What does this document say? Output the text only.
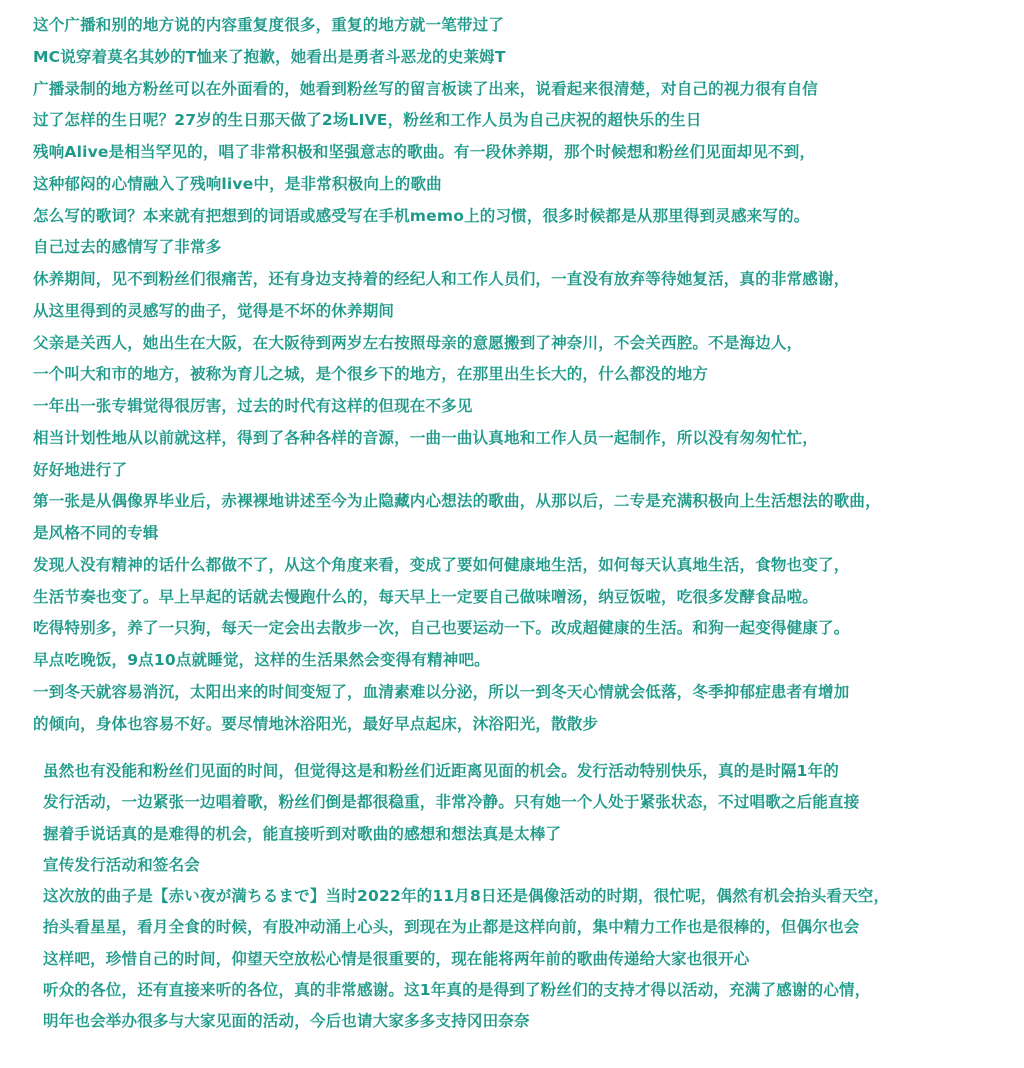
这个广播和别的地方说的内容重复度很多，重复的地方就一笔带过了
MC说穿着莫名其妙的T恤来了抱歉，她看出是勇者斗恶龙的史莱姆T
广播录制的地方粉丝可以在外面看的，她看到粉丝写的留言板读了出来，说看起来很清楚，对自己的视力很有自信
过了怎样的生日呢？27岁的生日那天做了2场LIVE，粉丝和工作人员为自己庆祝的超快乐的生日
残响Alive是相当罕见的，唱了非常积极和坚强意志的歌曲。有一段休养期，那个时候想和粉丝们见面却见不到，
这种郁闷的心情融入了残响live中，是非常积极向上的歌曲
怎么写的歌词？本来就有把想到的词语或感受写在手机memo上的习惯，很多时候都是从那里得到灵感来写的。
自己过去的感情写了非常多
休养期间，见不到粉丝们很痛苦，还有身边支持着的经纪人和工作人员们，一直没有放弃等待她复活，真的非常感谢，
从这里得到的灵感写的曲子，觉得是不坏的休养期间
父亲是关西人，她出生在大阪，在大阪待到两岁左右按照母亲的意愿搬到了神奈川，不会关西腔。不是海边人，
一个叫大和市的地方，被称为育儿之城，是个很乡下的地方，在那里出生长大的，什么都没的地方
一年出一张专辑觉得很厉害，过去的时代有这样的但现在不多见
相当计划性地从以前就这样，得到了各种各样的音源，一曲一曲认真地和工作人员一起制作，所以没有匆匆忙忙，
好好地进行了
第一张是从偶像界毕业后，赤裸裸地讲述至今为止隐藏内心想法的歌曲，从那以后，二专是充满积极向上生活想法的歌曲，
是风格不同的专辑
发现人没有精神的话什么都做不了，从这个角度来看，变成了要如何健康地生活，如何每天认真地生活，食物也变了，
生活节奏也变了。早上早起的话就去慢跑什么的，每天早上一定要自己做味噌汤，纳豆饭啦，吃很多发酵食品啦。
吃得特别多，养了一只狗，每天一定会出去散步一次，自己也要运动一下。改成超健康的生活。和狗一起变得健康了。
早点吃晚饭，9点10点就睡觉，这样的生活果然会变得有精神吧。
一到冬天就容易消沉，太阳出来的时间变短了，血清素难以分泌，所以一到冬天心情就会低落，冬季抑郁症患者有增加
的倾向，身体也容易不好。要尽情地沐浴阳光，最好早点起床，沐浴阳光，散散步
虽然也有没能和粉丝们见面的时间，但觉得这是和粉丝们近距离见面的机会。发行活动特别快乐，真的是时隔1年的
发行活动，一边紧张一边唱着歌，粉丝们倒是都很稳重，非常冷静。只有她一个人处于紧张状态，不过唱歌之后能直接
握着手说话真的是难得的机会，能直接听到对歌曲的感想和想法真是太棒了
宣传发行活动和签名会
这次放的曲子是【赤い夜が満ちるまで】当时2022年的11月8日还是偶像活动的时期，很忙呢，偶然有机会抬头看天空，
抬头看星星，看月全食的时候，有股冲动涌上心头，到现在为止都是这样向前，集中精力工作也是很棒的，但偶尔也会
这样吧，珍惜自己的时间，仰望天空放松心情是很重要的，现在能将两年前的歌曲传递给大家也很开心
听众的各位，还有直接来听的各位，真的非常感谢。这1年真的是得到了粉丝们的支持才得以活动，充满了感谢的心情，
明年也会举办很多与大家见面的活动，今后也请大家多多支持冈田奈奈
